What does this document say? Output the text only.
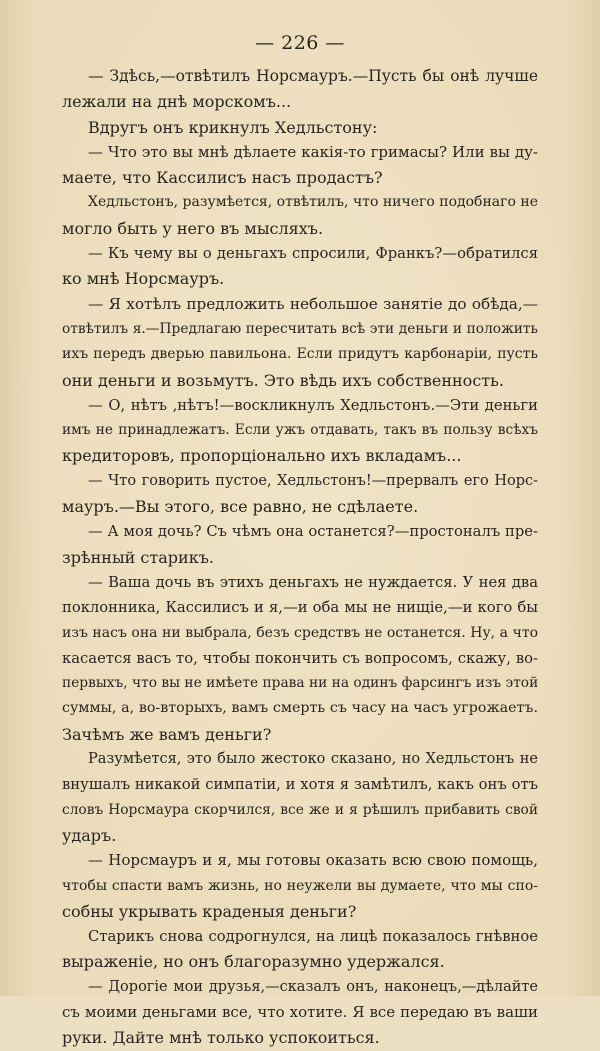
— 226 —
— Здѣсь,—отвѣтилъ Норсмауръ.—Пусть бы онѣ лучше
лежали на днѣ морскомъ...
Вдругъ онъ крикнулъ Хедльстону:
— Что это вы мнѣ дѣлаете какія-то гримасы? Или вы ду-
маете, что Кассилисъ насъ продастъ?
Хедльстонъ, разумѣется, отвѣтилъ, что ничего подобнаго не
могло быть у него въ мысляхъ.
— Къ чему вы о деньгахъ спросили, Франкъ?—обратился
ко мнѣ Норсмауръ.
— Я хотѣлъ предложить небольшое занятіе до обѣда,—
отвѣтилъ я.—Предлагаю пересчитать всѣ эти деньги и положить
ихъ передъ дверью павильона. Если придутъ карбонаріи, пусть
они деньги и возьмутъ. Это вѣдь ихъ собственность.
— О, нѣтъ ,нѣтъ!—воскликнулъ Хедльстонъ.—Эти деньги
имъ не принадлежатъ. Если ужъ отдавать, такъ въ пользу всѣхъ
кредиторовъ, пропорціонально ихъ вкладамъ...
— Что говорить пустое, Хедльстонъ!—прервалъ его Норс-
мауръ.—Вы этого, все равно, не сдѣлаете.
— А моя дочь? Съ чѣмъ она останется?—простоналъ пре-
зрѣнный старикъ.
— Ваша дочь въ этихъ деньгахъ не нуждается. У нея два
поклонника, Кассилисъ и я,—и оба мы не нищіе,—и кого бы
изъ насъ она ни выбрала, безъ средствъ не останется. Ну, а что
касается васъ то, чтобы покончить съ вопросомъ, скажу, во-
первыхъ, что вы не имѣете права ни на одинъ фарсингъ изъ этой
суммы, а, во-вторыхъ, вамъ смерть съ часу на часъ угрожаетъ.
Зачѣмъ же вамъ деньги?
Разумѣется, это было жестоко сказано, но Хедльстонъ не
внушалъ никакой симпатіи, и хотя я замѣтилъ, какъ онъ отъ
словъ Норсмаура скорчился, все же и я рѣшилъ прибавить свой
ударъ.
— Норсмауръ и я, мы готовы оказать всю свою помощь,
чтобы спасти вамъ жизнь, но неужели вы думаете, что мы спо-
собны укрывать краденыя деньги?
Старикъ снова содрогнулся, на лицѣ показалось гнѣвное
выраженіе, но онъ благоразумно удержался.
— Дорогіе мои друзья,—сказалъ онъ, наконецъ,—дѣлайте
съ моими деньгами все, что хотите. Я все передаю въ ваши
руки. Дайте мнѣ только успокоиться.
